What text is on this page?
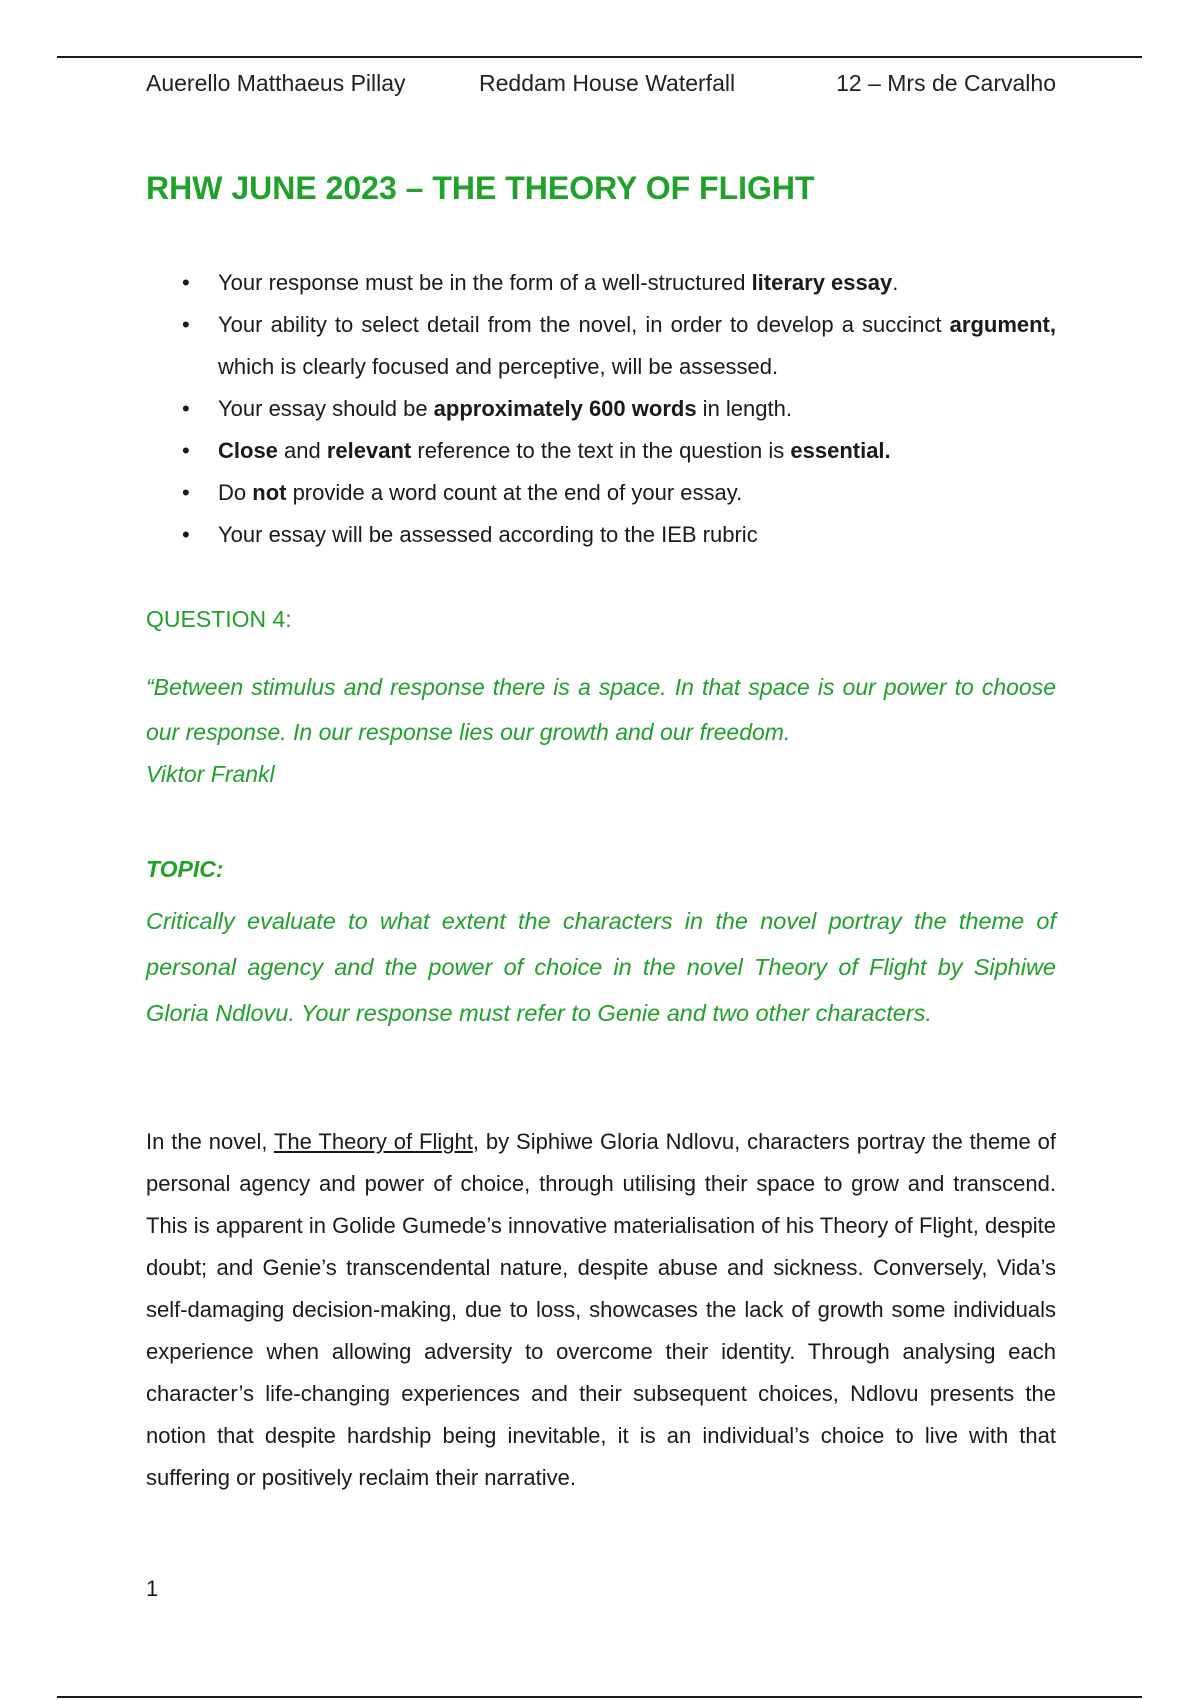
Auerello Matthaeus Pillay	Reddam House Waterfall	12 – Mrs de Carvalho
RHW JUNE 2023 – THE THEORY OF FLIGHT
• Your response must be in the form of a well-structured literary essay.
• Your ability to select detail from the novel, in order to develop a succinct argument, which is clearly focused and perceptive, will be assessed.
• Your essay should be approximately 600 words in length.
• Close and relevant reference to the text in the question is essential.
• Do not provide a word count at the end of your essay.
• Your essay will be assessed according to the IEB rubric
QUESTION 4:
“Between stimulus and response there is a space. In that space is our power to choose our response. In our response lies our growth and our freedom.
Viktor Frankl
TOPIC:
Critically evaluate to what extent the characters in the novel portray the theme of personal agency and the power of choice in the novel Theory of Flight by Siphiwe Gloria Ndlovu. Your response must refer to Genie and two other characters.
In the novel, The Theory of Flight, by Siphiwe Gloria Ndlovu, characters portray the theme of personal agency and power of choice, through utilising their space to grow and transcend. This is apparent in Golide Gumede’s innovative materialisation of his Theory of Flight, despite doubt; and Genie’s transcendental nature, despite abuse and sickness. Conversely, Vida’s self-damaging decision-making, due to loss, showcases the lack of growth some individuals experience when allowing adversity to overcome their identity. Through analysing each character’s life-changing experiences and their subsequent choices, Ndlovu presents the notion that despite hardship being inevitable, it is an individual’s choice to live with that suffering or positively reclaim their narrative.
1
